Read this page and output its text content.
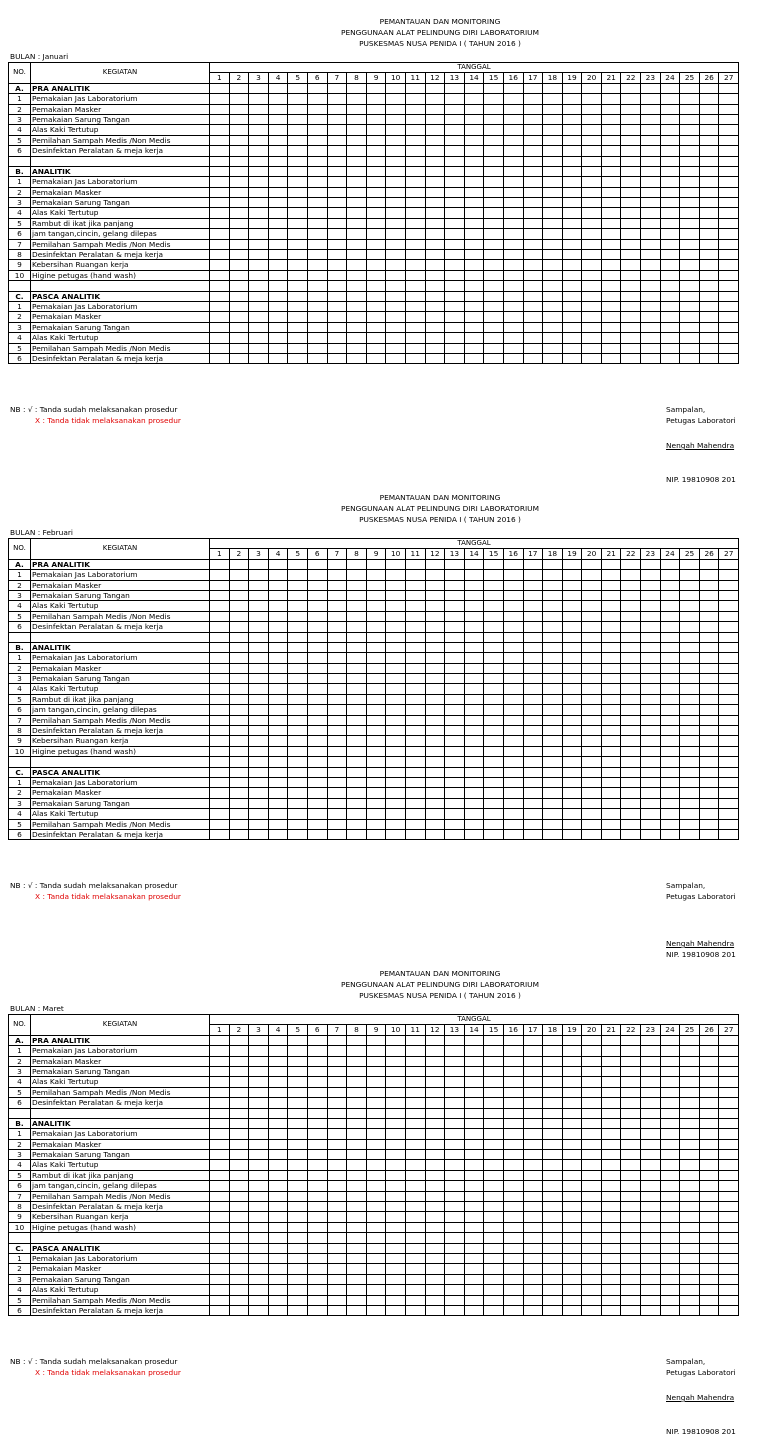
PEMANTAUAN DAN MONITORING
PENGGUNAAN ALAT PELINDUNG DIRI LABORATORIUM
PUSKESMAS NUSA PENIDA I ( TAHUN 2016 )
BULAN : Januari
NO.	KEGIATAN	TANGGAL																										
		1	2	3	4	5	6	7	8	9	10	11	12	13	14	15	16	17	18	19	20	21	22	23	24	25	26	27
A.	PRA ANALITIK																											
1	Pemakaian Jas Laboratorium																											
2	Pemakaian Masker																											
3	Pemakaian Sarung Tangan																											
4	Alas Kaki Tertutup																											
5	Pemilahan Sampah Medis /Non Medis																											
6	Desinfektan Peralatan & meja kerja																											

B.	ANALITIK																											
1	Pemakaian Jas Laboratorium																											
2	Pemakaian Masker																											
3	Pemakaian Sarung Tangan																											
4	Alas Kaki Tertutup																											
5	Rambut di ikat jika panjang																											
6	jam tangan,cincin, gelang dilepas																											
7	Pemilahan Sampah Medis /Non Medis																											
8	Desinfektan Peralatan & meja kerja																											
9	Kebersihan Ruangan kerja																											
10	Higine petugas (hand wash)																											

C.	PASCA ANALITIK																											
1	Pemakaian Jas Laboratorium																											
2	Pemakaian Masker																											
3	Pemakaian Sarung Tangan																											
4	Alas Kaki Tertutup																											
5	Pemilahan Sampah Medis /Non Medis																											
6	Desinfektan Peralatan & meja kerja																											
NB : √ : Tanda sudah melaksanakan prosedur
X : Tanda tidak melaksanakan prosedur
Sampalan,
Petugas Laboratori
Nengah Mahendra
NIP. 19810908 201
PEMANTAUAN DAN MONITORING
PENGGUNAAN ALAT PELINDUNG DIRI LABORATORIUM
PUSKESMAS NUSA PENIDA I ( TAHUN 2016 )
BULAN : Februari
NO.	KEGIATAN	TANGGAL																										
		1	2	3	4	5	6	7	8	9	10	11	12	13	14	15	16	17	18	19	20	21	22	23	24	25	26	27
A.	PRA ANALITIK																											
1	Pemakaian Jas Laboratorium																											
2	Pemakaian Masker																											
3	Pemakaian Sarung Tangan																											
4	Alas Kaki Tertutup																											
5	Pemilahan Sampah Medis /Non Medis																											
6	Desinfektan Peralatan & meja kerja																											

B.	ANALITIK																											
1	Pemakaian Jas Laboratorium																											
2	Pemakaian Masker																											
3	Pemakaian Sarung Tangan																											
4	Alas Kaki Tertutup																											
5	Rambut di ikat jika panjang																											
6	jam tangan,cincin, gelang dilepas																											
7	Pemilahan Sampah Medis /Non Medis																											
8	Desinfektan Peralatan & meja kerja																											
9	Kebersihan Ruangan kerja																											
10	Higine petugas (hand wash)																											

C.	PASCA ANALITIK																											
1	Pemakaian Jas Laboratorium																											
2	Pemakaian Masker																											
3	Pemakaian Sarung Tangan																											
4	Alas Kaki Tertutup																											
5	Pemilahan Sampah Medis /Non Medis																											
6	Desinfektan Peralatan & meja kerja																											
NB : √ : Tanda sudah melaksanakan prosedur
X : Tanda tidak melaksanakan prosedur
Sampalan,
Petugas Laboratori
Nengah Mahendra
NIP. 19810908 201
PEMANTAUAN DAN MONITORING
PENGGUNAAN ALAT PELINDUNG DIRI LABORATORIUM
PUSKESMAS NUSA PENIDA I ( TAHUN 2016 )
BULAN : Maret
NO.	KEGIATAN	TANGGAL																										
		1	2	3	4	5	6	7	8	9	10	11	12	13	14	15	16	17	18	19	20	21	22	23	24	25	26	27
A.	PRA ANALITIK																											
1	Pemakaian Jas Laboratorium																											
2	Pemakaian Masker																											
3	Pemakaian Sarung Tangan																											
4	Alas Kaki Tertutup																											
5	Pemilahan Sampah Medis /Non Medis																											
6	Desinfektan Peralatan & meja kerja																											

B.	ANALITIK																											
1	Pemakaian Jas Laboratorium																											
2	Pemakaian Masker																											
3	Pemakaian Sarung Tangan																											
4	Alas Kaki Tertutup																											
5	Rambut di ikat jika panjang																											
6	jam tangan,cincin, gelang dilepas																											
7	Pemilahan Sampah Medis /Non Medis																											
8	Desinfektan Peralatan & meja kerja																											
9	Kebersihan Ruangan kerja																											
10	Higine petugas (hand wash)																											

C.	PASCA ANALITIK																											
1	Pemakaian Jas Laboratorium																											
2	Pemakaian Masker																											
3	Pemakaian Sarung Tangan																											
4	Alas Kaki Tertutup																											
5	Pemilahan Sampah Medis /Non Medis																											
6	Desinfektan Peralatan & meja kerja																											
NB : √ : Tanda sudah melaksanakan prosedur
X : Tanda tidak melaksanakan prosedur
Sampalan,
Petugas Laboratori
Nengah Mahendra
NIP. 19810908 201
